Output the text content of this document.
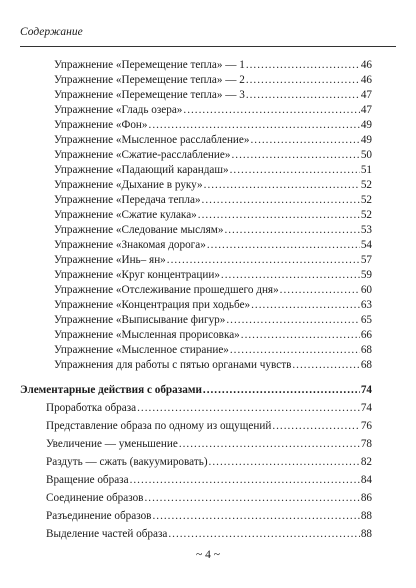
Содержание
Упражнение «Перемещение тепла» — 1 .....	46
Упражнение «Перемещение тепла» — 2 .....	46
Упражнение «Перемещение тепла» — 3 .....	47
Упражнение «Гладь озера» .....	47
Упражнение «Фон» .....	49
Упражнение «Мысленное расслабление» .....	49
Упражнение «Сжатие-расслабление» .....	50
Упражнение «Падающий карандаш» .....	51
Упражнение «Дыхание в руку» .....	52
Упражнение «Передача тепла» .....	52
Упражнение «Сжатие кулака» .....	52
Упражнение «Следование мыслям» .....	53
Упражнение «Знакомая дорога» .....	54
Упражнение «Инь– ян» .....	57
Упражнение «Круг концентрации» .....	59
Упражнение «Отслеживание прошедшего дня» .....	60
Упражнение «Концентрация при ходьбе» .....	63
Упражнение «Выписывание фигур» .....	65
Упражнение «Мысленная прорисовка» .....	66
Упражнение «Мысленное стирание» .....	68
Упражнения для работы с пятью органами чувств .....	68
Элементарные действия с образами .....	74
Проработка образа .....	74
Представление образа по одному из ощущений .....	76
Увеличение — уменьшение .....	78
Раздуть — сжать (вакуумировать) .....	82
Вращение образа .....	84
Соединение образов .....	86
Разъединение образов .....	88
Выделение частей образа .....	88
~ 4 ~
